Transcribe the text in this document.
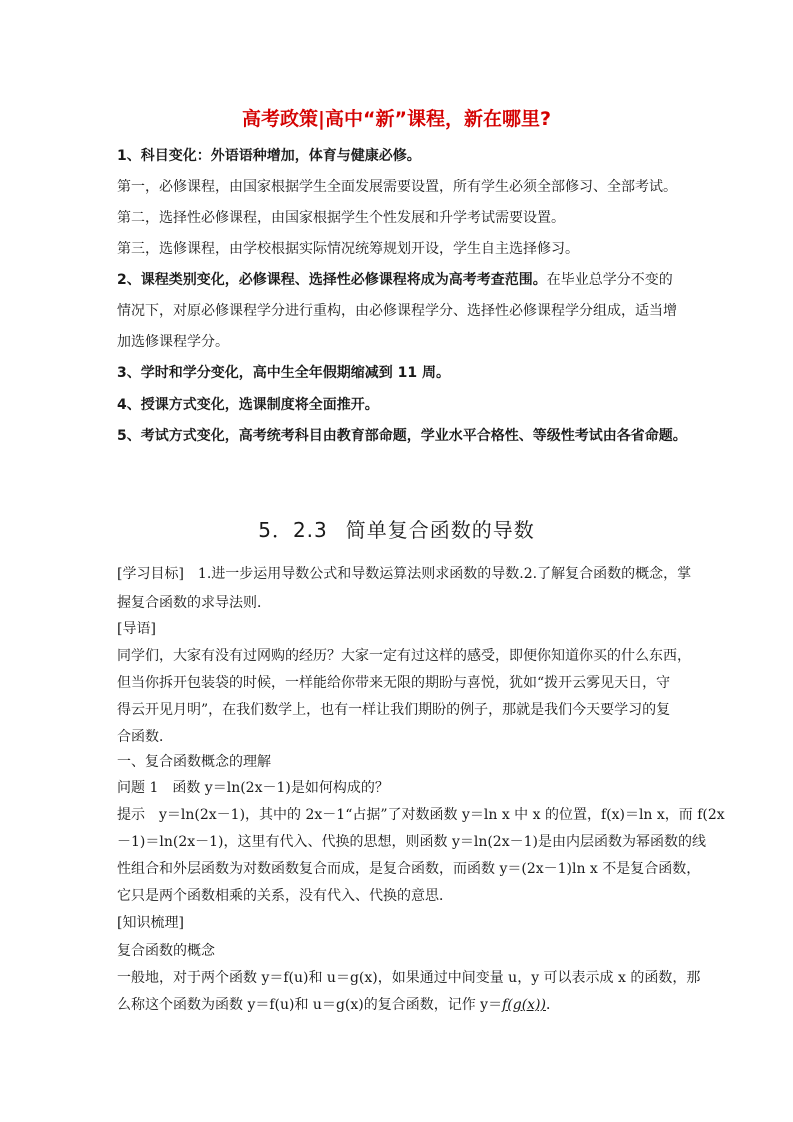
高考政策|高中“新”课程，新在哪里?
1、科目变化：外语语种增加，体育与健康必修。
第一，必修课程，由国家根据学生全面发展需要设置，所有学生必须全部修习、全部考试。
第二，选择性必修课程，由国家根据学生个性发展和升学考试需要设置。
第三，选修课程，由学校根据实际情况统筹规划开设，学生自主选择修习。
2、课程类别变化，必修课程、选择性必修课程将成为高考考查范围。在毕业总学分不变的
情况下，对原必修课程学分进行重构，由必修课程学分、选择性必修课程学分组成，适当增
加选修课程学分。
3、学时和学分变化，高中生全年假期缩减到 11 周。
4、授课方式变化，选课制度将全面推开。
5、考试方式变化，高考统考科目由教育部命题，学业水平合格性、等级性考试由各省命题。
5．2.3 简单复合函数的导数
[学习目标]　1.进一步运用导数公式和导数运算法则求函数的导数.2.了解复合函数的概念，掌
握复合函数的求导法则．
[导语]
同学们，大家有没有过网购的经历？大家一定有过这样的感受，即便你知道你买的什么东西，
但当你拆开包装袋的时候，一样能给你带来无限的期盼与喜悦，犹如“拨开云雾见天日，守
得云开见月明”，在我们数学上，也有一样让我们期盼的例子，那就是我们今天要学习的复
合函数．
一、复合函数概念的理解
问题 1　函数 y＝ln(2x－1)是如何构成的？
提示　y＝ln(2x－1)，其中的 2x－1“占据”了对数函数 y＝ln x 中 x 的位置，f(x)＝ln x，而 f(2x
－1)＝ln(2x－1)，这里有代入、代换的思想，则函数 y＝ln(2x－1)是由内层函数为幂函数的线
性组合和外层函数为对数函数复合而成，是复合函数，而函数 y＝(2x－1)ln x 不是复合函数，
它只是两个函数相乘的关系，没有代入、代换的意思．
[知识梳理]
复合函数的概念
一般地，对于两个函数 y＝f(u)和 u＝g(x)，如果通过中间变量 u，y 可以表示成 x 的函数，那
么称这个函数为函数 y＝f(u)和 u＝g(x)的复合函数，记作 y＝f(g(x))．
